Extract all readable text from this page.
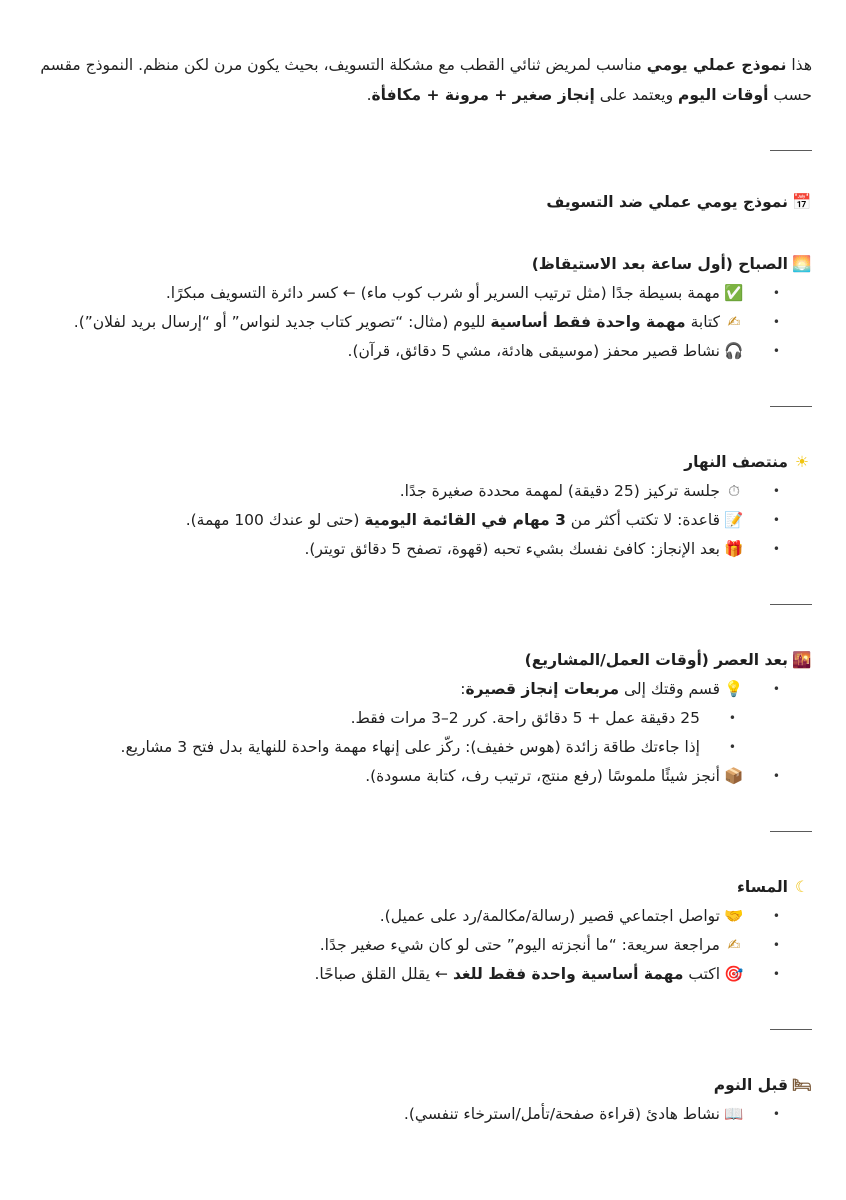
هذا نموذج عملي يومي مناسب لمريض ثنائي القطب مع مشكلة التسويف، بحيث يكون مرن لكن منظم. النموذج مقسم حسب أوقات اليوم ويعتمد على إنجاز صغير + مرونة + مكافأة.

📅نموذج يومي عملي ضد التسويف

🌅الصباح (أول ساعة بعد الاستيقاظ)

• ✅مهمة بسيطة جدًا (مثل ترتيب السرير أو شرب كوب ماء) ← كسر دائرة التسويف مبكرًا.
• ✍كتابة مهمة واحدة فقط أساسية لليوم (مثال: “تصوير كتاب جديد لنواس” أو “إرسال بريد لفلان”).
• 🎧نشاط قصير محفز (موسيقى هادئة، مشي 5 دقائق، قرآن).

☀منتصف النهار

• ⏱جلسة تركيز (25 دقيقة) لمهمة محددة صغيرة جدًا.
• 📝قاعدة: لا تكتب أكثر من 3 مهام في القائمة اليومية (حتى لو عندك 100 مهمة).
• 🎁بعد الإنجاز: كافئ نفسك بشيء تحبه (قهوة، تصفح 5 دقائق تويتر).

🌇بعد العصر (أوقات العمل/المشاريع)

• 💡قسم وقتك إلى مربعات إنجاز قصيرة:
• 25 دقيقة عمل + 5 دقائق راحة. كرر 2–3 مرات فقط.
• إذا جاءتك طاقة زائدة (هوس خفيف): ركّز على إنهاء مهمة واحدة للنهاية بدل فتح 3 مشاريع.
• 📦أنجز شيئًا ملموسًا (رفع منتج، ترتيب رف، كتابة مسودة).

☾المساء

• 🤝تواصل اجتماعي قصير (رسالة/مكالمة/رد على عميل).
• ✍مراجعة سريعة: “ما أنجزته اليوم” حتى لو كان شيء صغير جدًا.
• 🎯اكتب مهمة أساسية واحدة فقط للغد ← يقلل القلق صباحًا.

🛏قبل النوم

• 📖نشاط هادئ (قراءة صفحة/تأمل/استرخاء تنفسي).
